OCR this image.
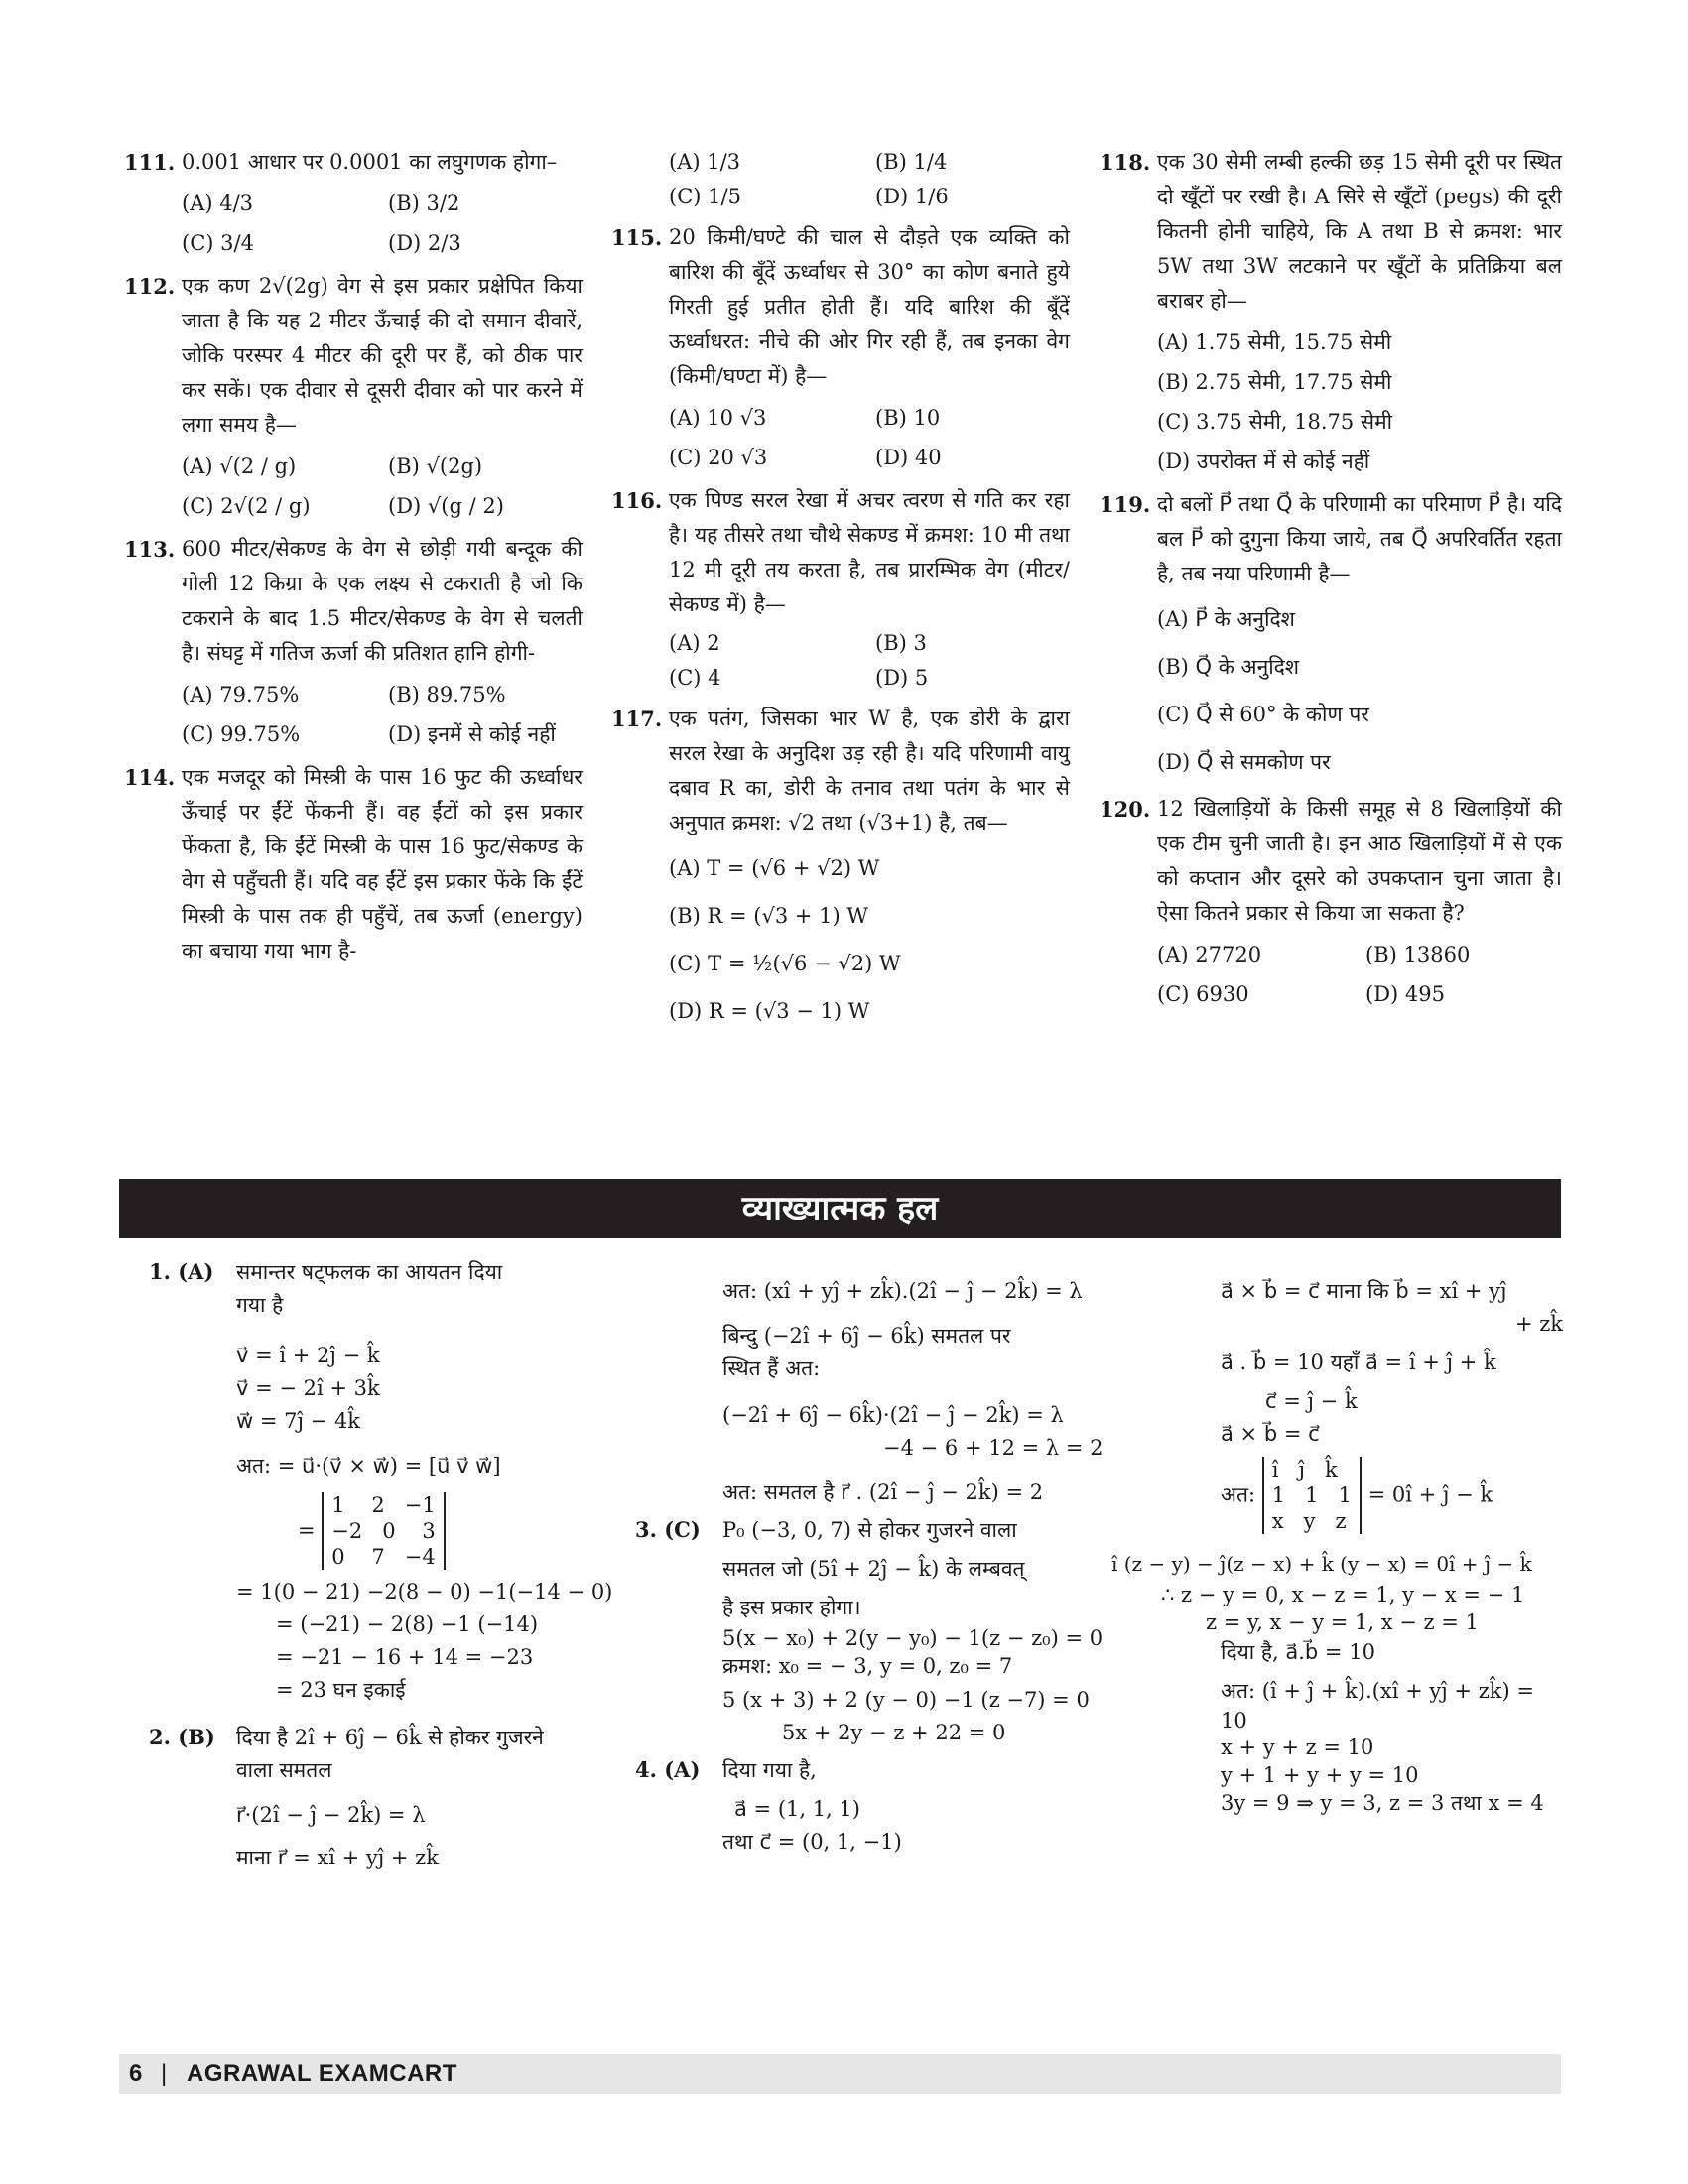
111. 0.001 आधार पर 0.0001 का लघुगणक होगा–
(A) 4/3	(B) 3/2
(C) 3/4	(D) 2/3
112. एक कण 2√(2g) वेग से इस प्रकार प्रक्षेपित किया जाता है कि यह 2 मीटर ऊँचाई की दो समान दीवारें, जोकि परस्पर 4 मीटर की दूरी पर हैं, को ठीक पार कर सकें। एक दीवार से दूसरी दीवार को पार करने में लगा समय है—
(A) √(2 / g)	(B) √(2g)
(C) 2√(2 / g)	(D) √(g / 2)
113. 600 मीटर/सेकण्ड के वेग से छोड़ी गयी बन्दूक की गोली 12 किग्रा के एक लक्ष्य से टकराती है जो कि टकराने के बाद 1.5 मीटर/सेकण्ड के वेग से चलती है। संघट्ट में गतिज ऊर्जा की प्रतिशत हानि होगी-
(A) 79.75%	(B) 89.75%
(C) 99.75%	(D) इनमें से कोई नहीं
114. एक मजदूर को मिस्त्री के पास 16 फुट की ऊर्ध्वाधर ऊँचाई पर ईंटें फेंकनी हैं। वह ईंटों को इस प्रकार फेंकता है, कि ईंटें मिस्त्री के पास 16 फुट/सेकण्ड के वेग से पहुँचती हैं। यदि वह ईंटें इस प्रकार फेंके कि ईंटें मिस्त्री के पास तक ही पहुँचें, तब ऊर्जा (energy) का बचाया गया भाग है-
(A) 1/3	(B) 1/4
(C) 1/5	(D) 1/6
115. 20 किमी/घण्टे की चाल से दौड़ते एक व्यक्ति को बारिश की बूँदें ऊर्ध्वाधर से 30° का कोण बनाते हुये गिरती हुई प्रतीत होती हैं। यदि बारिश की बूँदें ऊर्ध्वाधरत: नीचे की ओर गिर रही हैं, तब इनका वेग (किमी/घण्टा में) है—
(A) 10 √3	(B) 10
(C) 20 √3	(D) 40
116. एक पिण्ड सरल रेखा में अचर त्वरण से गति कर रहा है। यह तीसरे तथा चौथे सेकण्ड में क्रमश: 10 मी तथा 12 मी दूरी तय करता है, तब प्रारम्भिक वेग (मीटर/सेकण्ड में) है—
(A) 2	(B) 3
(C) 4	(D) 5
117. एक पतंग, जिसका भार W है, एक डोरी के द्वारा सरल रेखा के अनुदिश उड़ रही है। यदि परिणामी वायु दबाव R का, डोरी के तनाव तथा पतंग के भार से अनुपात क्रमश: √2 तथा (√3+1) है, तब—
(A) T = (√6 + √2) W
(B) R = (√3 + 1) W
(C) T = ½(√6 − √2) W
(D) R = (√3 − 1) W
118. एक 30 सेमी लम्बी हल्की छड़ 15 सेमी दूरी पर स्थित दो खूँटों पर रखी है। A सिरे से खूँटों (pegs) की दूरी कितनी होनी चाहिये, कि A तथा B से क्रमश: भार 5W तथा 3W लटकाने पर खूँटों के प्रतिक्रिया बल बराबर हो—
(A) 1.75 सेमी, 15.75 सेमी
(B) 2.75 सेमी, 17.75 सेमी
(C) 3.75 सेमी, 18.75 सेमी
(D) उपरोक्त में से कोई नहीं
119. दो बलों P⃗ तथा Q⃗ के परिणामी का परिमाण P⃗ है। यदि बल P⃗ को दुगुना किया जाये, तब Q⃗ अपरिवर्तित रहता है, तब नया परिणामी है—
(A) P⃗ के अनुदिश
(B) Q⃗ के अनुदिश
(C) Q⃗ से 60° के कोण पर
(D) Q⃗ से समकोण पर
120. 12 खिलाड़ियों के किसी समूह से 8 खिलाड़ियों की एक टीम चुनी जाती है। इन आठ खिलाड़ियों में से एक को कप्तान और दूसरे को उपकप्तान चुना जाता है। ऐसा कितने प्रकार से किया जा सकता है?
(A) 27720	(B) 13860
(C) 6930	(D) 495
व्याख्यात्मक हल
1. (A) समान्तर षट्फलक का आयतन दिया
गया है
v⃗ = î + 2ĵ − k̂
v⃗ = − 2î + 3k̂
w⃗ = 7ĵ − 4k̂
अत: = u⃗·(v⃗ × w⃗) = [u⃗ v⃗ w⃗]
=
1    2   −1
−2   0    3
0    7   −4
= 1(0 − 21) −2(8 − 0) −1(−14 − 0)
= (−21) − 2(8) −1 (−14)
= −21 − 16 + 14 = −23
= 23 घन इकाई
2. (B) दिया है 2î + 6ĵ − 6k̂ से होकर गुजरने
वाला समतल
r⃗·(2î − ĵ − 2k̂) = λ
माना r⃗ = xî + yĵ + zk̂
अत: (xî + yĵ + zk̂).(2î − ĵ − 2k̂) = λ
बिन्दु (−2î + 6ĵ − 6k̂) समतल पर
स्थित हैं अत:
(−2î + 6ĵ − 6k̂)·(2î − ĵ − 2k̂) = λ
−4 − 6 + 12 = λ = 2
अत: समतल है r⃗ . (2î − ĵ − 2k̂) = 2
3. (C) P₀ (−3, 0, 7) से होकर गुजरने वाला
समतल जो (5î + 2ĵ − k̂) के लम्बवत्
है इस प्रकार होगा।
5(x − x₀) + 2(y − y₀) − 1(z − z₀) = 0
क्रमश: x₀ = − 3, y = 0, z₀ = 7
5 (x + 3) + 2 (y − 0) −1 (z −7) = 0
5x + 2y − z + 22 = 0
4. (A) दिया गया है,
a⃗ = (1, 1, 1)
तथा c⃗ = (0, 1, −1)
a⃗ × b⃗ = c⃗ माना कि b⃗ = xî + yĵ
+ zk̂
a⃗ . b⃗ = 10 यहाँ a⃗ = î + ĵ + k̂
c⃗ = ĵ − k̂
a⃗ × b⃗ = c⃗
अत:
î   ĵ   k̂
1   1   1
x   y   z
= 0î + ĵ − k̂
î (z − y) − ĵ(z − x) + k̂ (y − x) = 0î + ĵ − k̂
∴ z − y = 0, x − z = 1, y − x = − 1
z = y, x − y = 1, x − z = 1
दिया है, a⃗.b⃗ = 10
अत: (î + ĵ + k̂).(xî + yĵ + zk̂) =
10
x + y + z = 10
y + 1 + y + y = 10
3y = 9 ⇒ y = 3, z = 3 तथा x = 4
6 | AGRAWAL EXAMCART
